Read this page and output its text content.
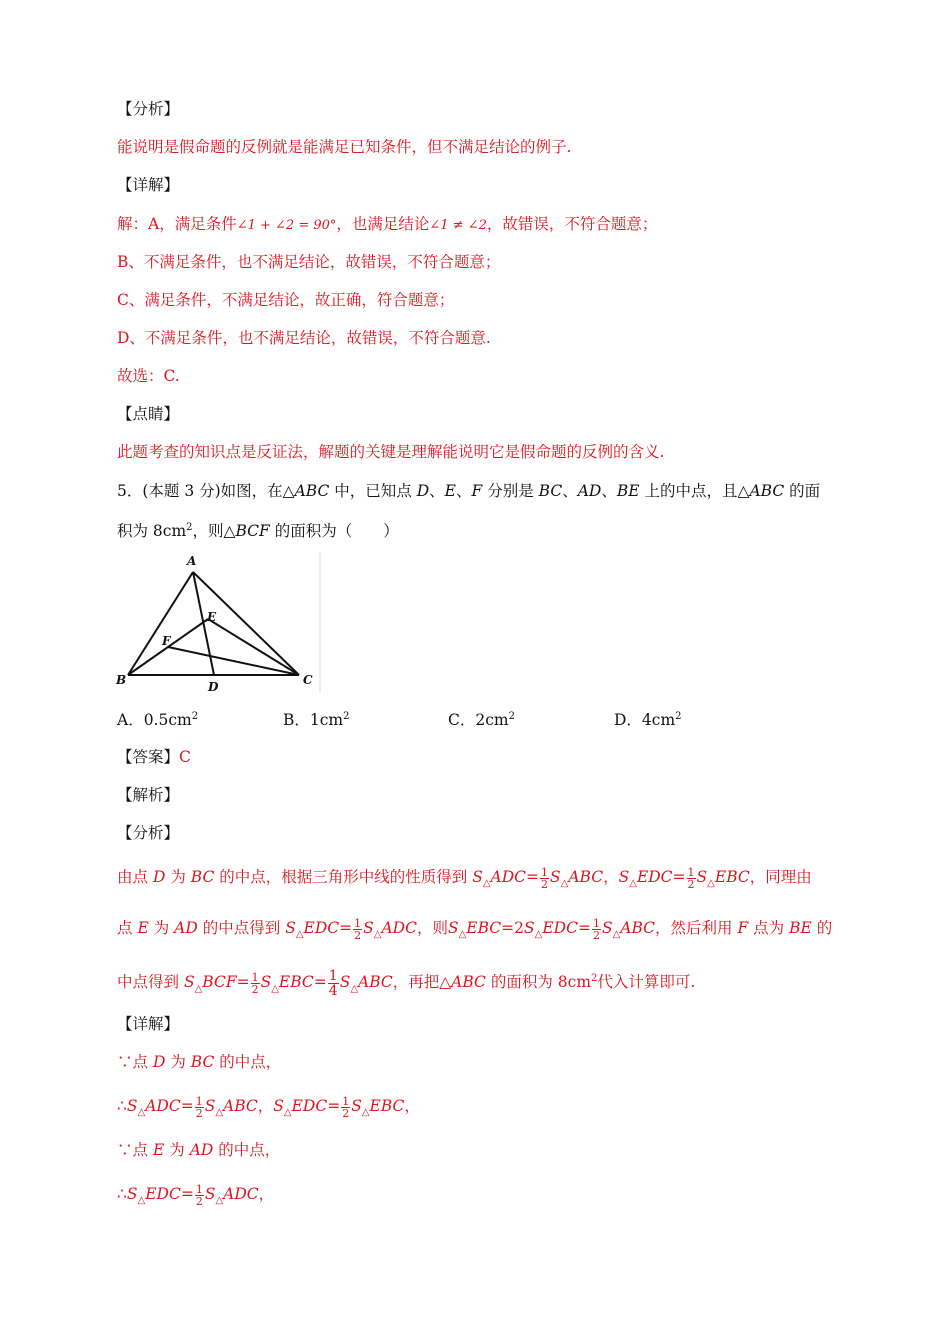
【分析】
能说明是假命题的反例就是能满足已知条件，但不满足结论的例子.
【详解】
解：A，满足条件∠1 + ∠2 = 90°，也满足结论∠1 ≠ ∠2，故错误，不符合题意；
B、不满足条件，也不满足结论，故错误，不符合题意；
C、满足条件，不满足结论，故正确，符合题意；
D、不满足条件，也不满足结论，故错误，不符合题意.
故选：C.
【点睛】
此题考查的知识点是反证法，解题的关键是理解能说明它是假命题的反例的含义.
5．(本题 3 分)如图，在△ABC 中，已知点 D、E、F 分别是 BC、AD、BE 上的中点，且△ABC 的面
积为 $8cm^2$，则△BCF 的面积为（　　）
A
B	C
D
E
F
A．$0.5cm^2$	B．$1cm^2$	C．$2cm^2$	D．$4cm^2$
【答案】C
【解析】
【分析】
由点 D 为 BC 的中点，根据三角形中线的性质得到 $S_\triangle ADC= \frac{1}{2} S_\triangle ABC$，$S_\triangle EDC= \frac{1}{2} S_\triangle EBC$，同理由
点 E 为 AD 的中点得到 $S_\triangle EDC= \frac{1}{2} S_\triangle ADC$，则$S_\triangle EBC=2S_\triangle EDC= \frac{1}{2} S_\triangle ABC$，然后利用 F 点为 BE 的
中点得到 $S_\triangle BCF= \frac{1}{2} S_\triangle EBC= \frac{1}{4} S_\triangle ABC$，再把△ABC 的面积为 $8cm^2$代入计算即可.
【详解】
∵点 D 为 BC 的中点，
$\therefore S_\triangle ADC= \frac{1}{2} S_\triangle ABC$，$S_\triangle EDC= \frac{1}{2} S_\triangle EBC$，
∵点 E 为 AD 的中点，
$\therefore S_\triangle EDC= \frac{1}{2} S_\triangle ADC$，
